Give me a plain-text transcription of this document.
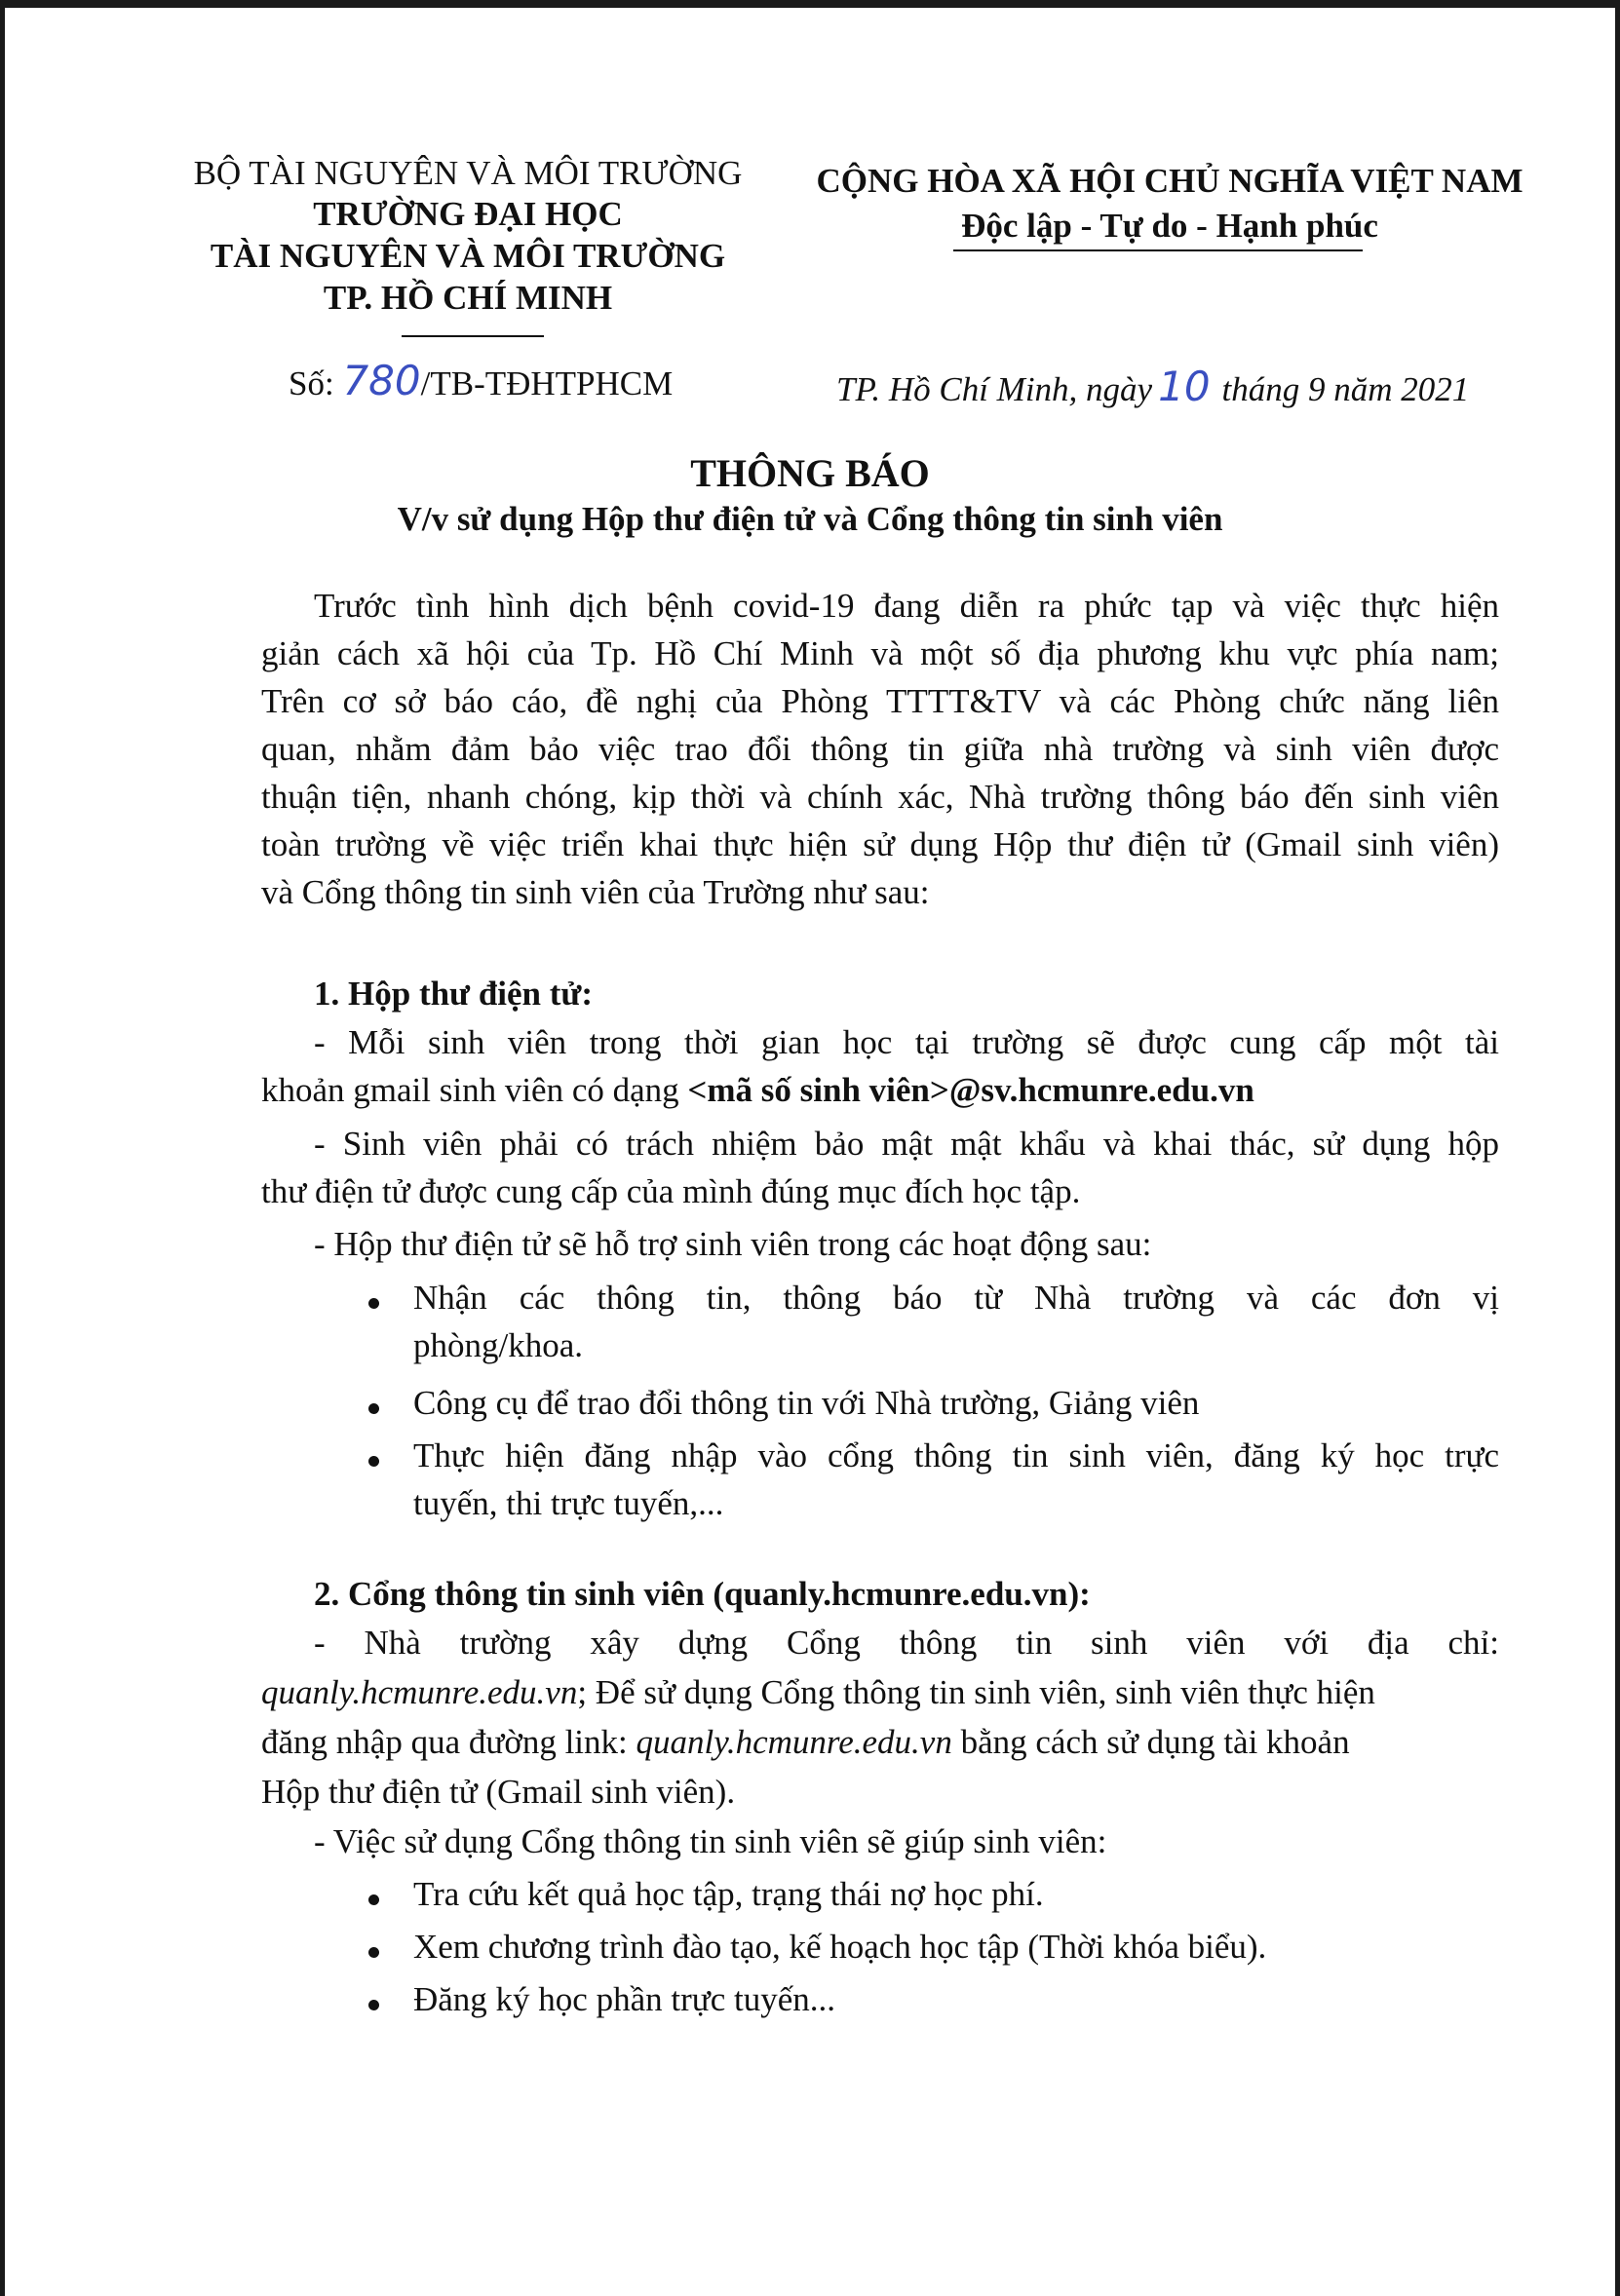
BỘ TÀI NGUYÊN VÀ MÔI TRƯỜNG
TRƯỜNG ĐẠI HỌC
TÀI NGUYÊN VÀ MÔI TRƯỜNG
TP. HỒ CHÍ MINH
CỘNG HÒA XÃ HỘI CHỦ NGHĨA VIỆT NAM
Độc lập - Tự do - Hạnh phúc
Số: 780/TB-TĐHTPHCM	TP. Hồ Chí Minh, ngày 10 tháng 9 năm 2021
THÔNG BÁO
V/v sử dụng Hộp thư điện tử và Cổng thông tin sinh viên
Trước tình hình dịch bệnh covid-19 đang diễn ra phức tạp và việc thực hiện
giản cách xã hội của Tp. Hồ Chí Minh và một số địa phương khu vực phía nam;
Trên cơ sở báo cáo, đề nghị của Phòng TTTT&TV và các Phòng chức năng liên
quan, nhằm đảm bảo việc trao đổi thông tin giữa nhà trường và sinh viên được
thuận tiện, nhanh chóng, kịp thời và chính xác, Nhà trường thông báo đến sinh viên
toàn trường về việc triển khai thực hiện sử dụng Hộp thư điện tử (Gmail sinh viên)
và Cổng thông tin sinh viên của Trường như sau:
1. Hộp thư điện tử:
- Mỗi sinh viên trong thời gian học tại trường sẽ được cung cấp một tài
khoản gmail sinh viên có dạng <mã số sinh viên>@sv.hcmunre.edu.vn
- Sinh viên phải có trách nhiệm bảo mật mật khẩu và khai thác, sử dụng hộp
thư điện tử được cung cấp của mình đúng mục đích học tập.
- Hộp thư điện tử sẽ hỗ trợ sinh viên trong các hoạt động sau:
Nhận các thông tin, thông báo từ Nhà trường và các đơn vị
phòng/khoa.
Công cụ để trao đổi thông tin với Nhà trường, Giảng viên
Thực hiện đăng nhập vào cổng thông tin sinh viên, đăng ký học trực
tuyến, thi trực tuyến,...
2. Cổng thông tin sinh viên (quanly.hcmunre.edu.vn):
- Nhà trường xây dựng Cổng thông tin sinh viên với địa chỉ:
quanly.hcmunre.edu.vn; Để sử dụng Cổng thông tin sinh viên, sinh viên thực hiện
đăng nhập qua đường link: quanly.hcmunre.edu.vn bằng cách sử dụng tài khoản
Hộp thư điện tử (Gmail sinh viên).
- Việc sử dụng Cổng thông tin sinh viên sẽ giúp sinh viên:
Tra cứu kết quả học tập, trạng thái nợ học phí.
Xem chương trình đào tạo, kế hoạch học tập (Thời khóa biểu).
Đăng ký học phần trực tuyến...
